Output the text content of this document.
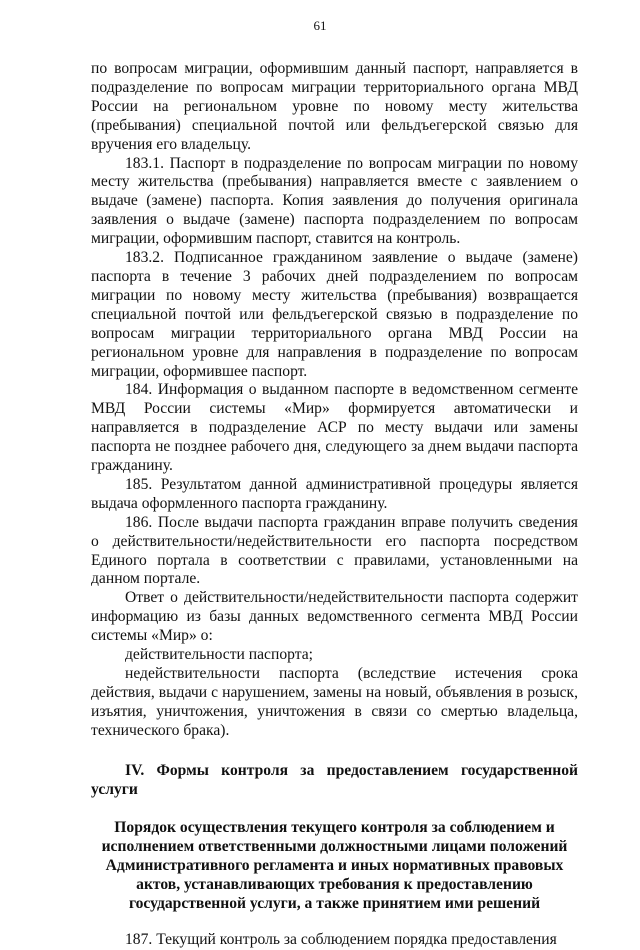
61

по вопросам миграции, оформившим данный паспорт, направляется в подразделение по вопросам миграции территориального органа МВД России на региональном уровне по новому месту жительства (пребывания) специальной почтой или фельдъегерской связью для вручения его владельцу.

183.1. Паспорт в подразделение по вопросам миграции по новому месту жительства (пребывания) направляется вместе с заявлением о выдаче (замене) паспорта. Копия заявления до получения оригинала заявления о выдаче (замене) паспорта подразделением по вопросам миграции, оформившим паспорт, ставится на контроль.

183.2. Подписанное гражданином заявление о выдаче (замене) паспорта в течение 3 рабочих дней подразделением по вопросам миграции по новому месту жительства (пребывания) возвращается специальной почтой или фельдъегерской связью в подразделение по вопросам миграции территориального органа МВД России на региональном уровне для направления в подразделение по вопросам миграции, оформившее паспорт.

184. Информация о выданном паспорте в ведомственном сегменте МВД России системы «Мир» формируется автоматически и направляется в подразделение АСР по месту выдачи или замены паспорта не позднее рабочего дня, следующего за днем выдачи паспорта гражданину.

185. Результатом данной административной процедуры является выдача оформленного паспорта гражданину.

186. После выдачи паспорта гражданин вправе получить сведения о действительности/недействительности его паспорта посредством Единого портала в соответствии с правилами, установленными на данном портале.

Ответ о действительности/недействительности паспорта содержит информацию из базы данных ведомственного сегмента МВД России системы «Мир» о:

действительности паспорта;

недействительности паспорта (вследствие истечения срока действия, выдачи с нарушением, замены на новый, объявления в розыск, изъятия, уничтожения, уничтожения в связи со смертью владельца, технического брака).

IV. Формы контроля за предоставлением государственной услуги

Порядок осуществления текущего контроля за соблюдением и исполнением ответственными должностными лицами положений Административного регламента и иных нормативных правовых актов, устанавливающих требования к предоставлению государственной услуги, а также принятием ими решений

187. Текущий контроль за соблюдением порядка предоставления
